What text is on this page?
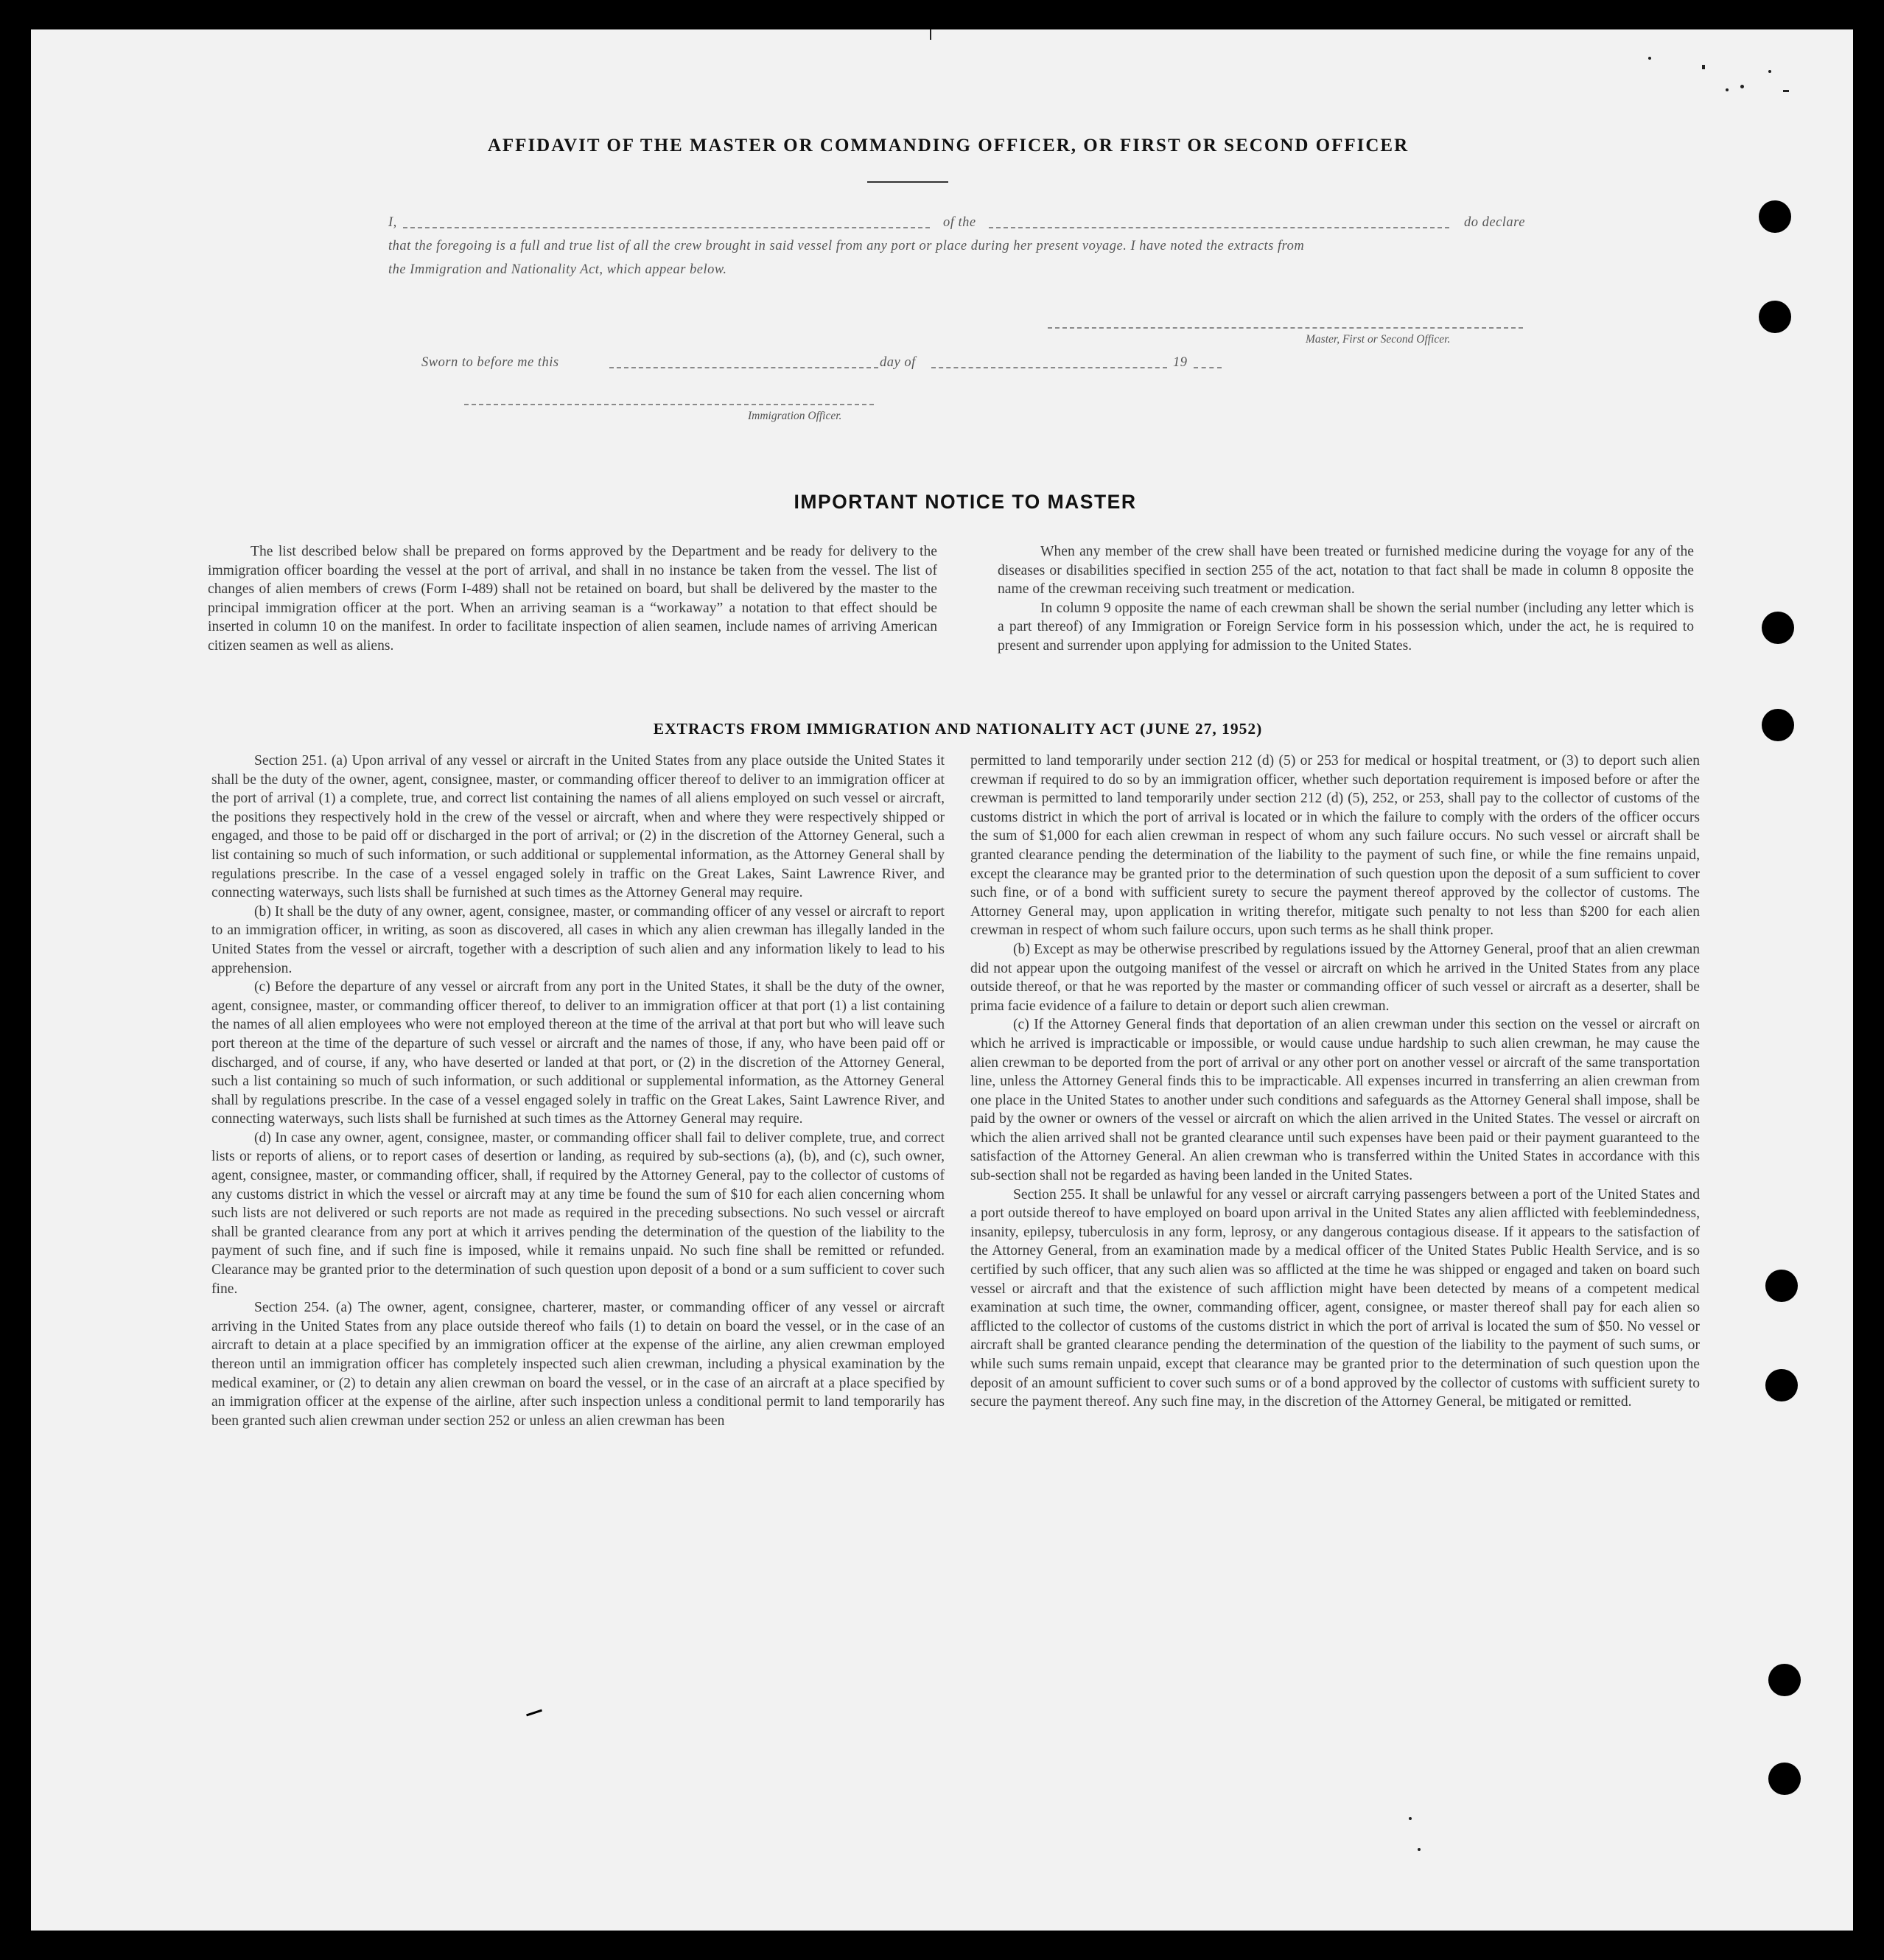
AFFIDAVIT OF THE MASTER OR COMMANDING OFFICER, OR FIRST OR SECOND OFFICER
I,	of the	do declare
that the foregoing is a full and true list of all the crew brought in said vessel from any port or place during her present voyage. I have noted the extracts from
the Immigration and Nationality Act, which appear below.
Master, First or Second Officer.
Sworn to before me this	day of	19
Immigration Officer.
IMPORTANT NOTICE TO MASTER

The list described below shall be prepared on forms approved by the Department and be ready for delivery to the immigration officer boarding the vessel at the port of arrival, and shall in no instance be taken from the vessel. The list of changes of alien members of crews (Form I-489) shall not be retained on board, but shall be delivered by the master to the principal immigration officer at the port. When an arriving seaman is a “workaway” a notation to that effect should be inserted in column 10 on the manifest. In order to facilitate inspection of alien seamen, include names of arriving American citizen seamen as well as aliens.

When any member of the crew shall have been treated or furnished medicine during the voyage for any of the diseases or disabilities specified in section 255 of the act, notation to that fact shall be made in column 8 opposite the name of the crewman receiving such treatment or medication.

In column 9 opposite the name of each crewman shall be shown the serial number (including any letter which is a part thereof) of any Immigration or Foreign Service form in his possession which, under the act, he is required to present and surrender upon applying for admission to the United States.

EXTRACTS FROM IMMIGRATION AND NATIONALITY ACT (JUNE 27, 1952)

Section 251. (a) Upon arrival of any vessel or aircraft in the United States from any place outside the United States it shall be the duty of the owner, agent, consignee, master, or commanding officer thereof to deliver to an immigration officer at the port of arrival (1) a complete, true, and correct list containing the names of all aliens employed on such vessel or aircraft, the positions they respectively hold in the crew of the vessel or aircraft, when and where they were respectively shipped or engaged, and those to be paid off or discharged in the port of arrival; or (2) in the discretion of the Attorney General, such a list containing so much of such information, or such additional or supplemental information, as the Attorney General shall by regulations prescribe. In the case of a vessel engaged solely in traffic on the Great Lakes, Saint Lawrence River, and connecting waterways, such lists shall be furnished at such times as the Attorney General may require.

(b) It shall be the duty of any owner, agent, consignee, master, or commanding officer of any vessel or aircraft to report to an immigration officer, in writing, as soon as discovered, all cases in which any alien crewman has illegally landed in the United States from the vessel or aircraft, together with a description of such alien and any information likely to lead to his apprehension.

(c) Before the departure of any vessel or aircraft from any port in the United States, it shall be the duty of the owner, agent, consignee, master, or commanding officer thereof, to deliver to an immigration officer at that port (1) a list containing the names of all alien employees who were not employed thereon at the time of the arrival at that port but who will leave such port thereon at the time of the departure of such vessel or aircraft and the names of those, if any, who have been paid off or discharged, and of course, if any, who have deserted or landed at that port, or (2) in the discretion of the Attorney General, such a list containing so much of such information, or such additional or supplemental information, as the Attorney General shall by regulations prescribe. In the case of a vessel engaged solely in traffic on the Great Lakes, Saint Lawrence River, and connecting waterways, such lists shall be furnished at such times as the Attorney General may require.

(d) In case any owner, agent, consignee, master, or commanding officer shall fail to deliver complete, true, and correct lists or reports of aliens, or to report cases of desertion or landing, as required by sub-sections (a), (b), and (c), such owner, agent, consignee, master, or commanding officer, shall, if required by the Attorney General, pay to the collector of customs of any customs district in which the vessel or aircraft may at any time be found the sum of $10 for each alien concerning whom such lists are not delivered or such reports are not made as required in the preceding subsections. No such vessel or aircraft shall be granted clearance from any port at which it arrives pending the determination of the question of the liability to the payment of such fine, and if such fine is imposed, while it remains unpaid. No such fine shall be remitted or refunded. Clearance may be granted prior to the determination of such question upon deposit of a bond or a sum sufficient to cover such fine.

Section 254. (a) The owner, agent, consignee, charterer, master, or commanding officer of any vessel or aircraft arriving in the United States from any place outside thereof who fails (1) to detain on board the vessel, or in the case of an aircraft to detain at a place specified by an immigration officer at the expense of the airline, any alien crewman employed thereon until an immigration officer has completely inspected such alien crewman, including a physical examination by the medical examiner, or (2) to detain any alien crewman on board the vessel, or in the case of an aircraft at a place specified by an immigration officer at the expense of the airline, after such inspection unless a conditional permit to land temporarily has been granted such alien crewman under section 252 or unless an alien crewman has been

permitted to land temporarily under section 212 (d) (5) or 253 for medical or hospital treatment, or (3) to deport such alien crewman if required to do so by an immigration officer, whether such deportation requirement is imposed before or after the crewman is permitted to land temporarily under section 212 (d) (5), 252, or 253, shall pay to the collector of customs of the customs district in which the port of arrival is located or in which the failure to comply with the orders of the officer occurs the sum of $1,000 for each alien crewman in respect of whom any such failure occurs. No such vessel or aircraft shall be granted clearance pending the determination of the liability to the payment of such fine, or while the fine remains unpaid, except the clearance may be granted prior to the determination of such question upon the deposit of a sum sufficient to cover such fine, or of a bond with sufficient surety to secure the payment thereof approved by the collector of customs. The Attorney General may, upon application in writing therefor, mitigate such penalty to not less than $200 for each alien crewman in respect of whom such failure occurs, upon such terms as he shall think proper.

(b) Except as may be otherwise prescribed by regulations issued by the Attorney General, proof that an alien crewman did not appear upon the outgoing manifest of the vessel or aircraft on which he arrived in the United States from any place outside thereof, or that he was reported by the master or commanding officer of such vessel or aircraft as a deserter, shall be prima facie evidence of a failure to detain or deport such alien crewman.

(c) If the Attorney General finds that deportation of an alien crewman under this section on the vessel or aircraft on which he arrived is impracticable or impossible, or would cause undue hardship to such alien crewman, he may cause the alien crewman to be deported from the port of arrival or any other port on another vessel or aircraft of the same transportation line, unless the Attorney General finds this to be impracticable. All expenses incurred in transferring an alien crewman from one place in the United States to another under such conditions and safeguards as the Attorney General shall impose, shall be paid by the owner or owners of the vessel or aircraft on which the alien arrived in the United States. The vessel or aircraft on which the alien arrived shall not be granted clearance until such expenses have been paid or their payment guaranteed to the satisfaction of the Attorney General. An alien crewman who is transferred within the United States in accordance with this sub-section shall not be regarded as having been landed in the United States.

Section 255. It shall be unlawful for any vessel or aircraft carrying passengers between a port of the United States and a port outside thereof to have employed on board upon arrival in the United States any alien afflicted with feeblemindedness, insanity, epilepsy, tuberculosis in any form, leprosy, or any dangerous contagious disease. If it appears to the satisfaction of the Attorney General, from an examination made by a medical officer of the United States Public Health Service, and is so certified by such officer, that any such alien was so afflicted at the time he was shipped or engaged and taken on board such vessel or aircraft and that the existence of such affliction might have been detected by means of a competent medical examination at such time, the owner, commanding officer, agent, consignee, or master thereof shall pay for each alien so afflicted to the collector of customs of the customs district in which the port of arrival is located the sum of $50. No vessel or aircraft shall be granted clearance pending the determination of the question of the liability to the payment of such sums, or while such sums remain unpaid, except that clearance may be granted prior to the determination of such question upon the deposit of an amount sufficient to cover such sums or of a bond approved by the collector of customs with sufficient surety to secure the payment thereof. Any such fine may, in the discretion of the Attorney General, be mitigated or remitted.
